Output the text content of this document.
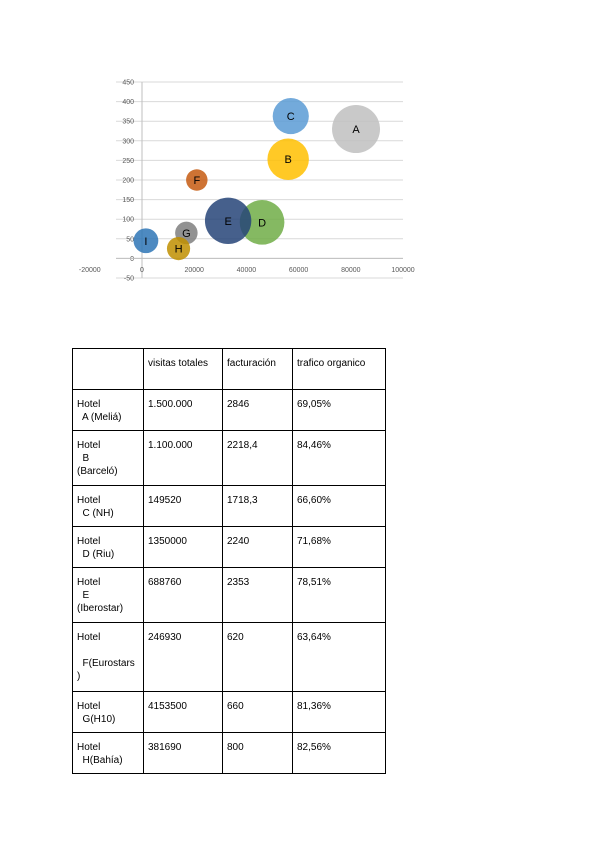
450
400
350
300
250
200
150
100
50
0
-50
-20000	0	20000	40000	60000	80000	100000
A
B
C
D
E
F
G
H
I

	visitas totales	facturación	trafico organico

Hotel
A (Meliá)	1.500.000	2846	69,05%

Hotel
B
(Barceló)	1.100.000	2218,4	84,46%

Hotel
C (NH)	149520	1718,3	66,60%

Hotel
D (Riu)	1350000	2240	71,68%

Hotel
E
(Iberostar)	688760	2353	78,51%

Hotel

F(Eurostars
)	246930	620	63,64%

Hotel
G(H10)	4153500	660	81,36%

Hotel
H(Bahía)	381690	800	82,56%
